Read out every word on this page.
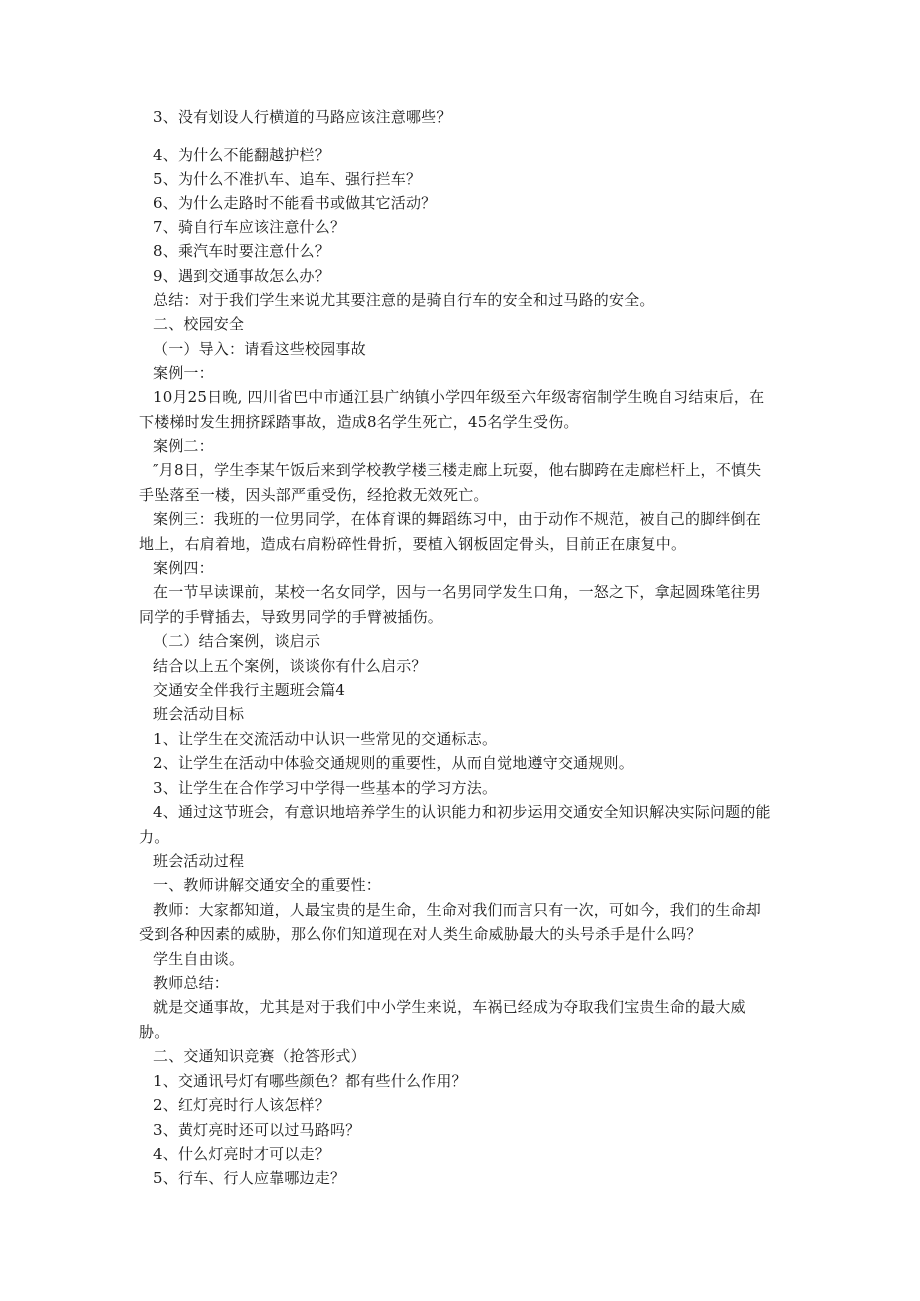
3、没有划设人行横道的马路应该注意哪些？
4、为什么不能翻越护栏？
5、为什么不准扒车、追车、强行拦车？
6、为什么走路时不能看书或做其它活动？
7、骑自行车应该注意什么？
8、乘汽车时要注意什么？
9、遇到交通事故怎么办？
总结：对于我们学生来说尤其要注意的是骑自行车的安全和过马路的安全。
二、校园安全
（一）导入：请看这些校园事故
案例一：
10月25日晚, 四川省巴中市通江县广纳镇小学四年级至六年级寄宿制学生晚自习结束后，在
下楼梯时发生拥挤踩踏事故，造成8名学生死亡，45名学生受伤。
案例二：
″月8日，学生李某午饭后来到学校教学楼三楼走廊上玩耍，他右脚跨在走廊栏杆上，不慎失
手坠落至一楼，因头部严重受伤，经抢救无效死亡。
案例三：我班的一位男同学，在体育课的舞蹈练习中，由于动作不规范，被自己的脚绊倒在
地上，右肩着地，造成右肩粉碎性骨折，要植入钢板固定骨头，目前正在康复中。
案例四：
在一节早读课前，某校一名女同学，因与一名男同学发生口角，一怒之下，拿起圆珠笔往男
同学的手臂插去，导致男同学的手臂被插伤。
（二）结合案例，谈启示
结合以上五个案例，谈谈你有什么启示？
交通安全伴我行主题班会篇4
班会活动目标
1、让学生在交流活动中认识一些常见的交通标志。
2、让学生在活动中体验交通规则的重要性，从而自觉地遵守交通规则。
3、让学生在合作学习中学得一些基本的学习方法。
4、通过这节班会，有意识地培养学生的认识能力和初步运用交通安全知识解决实际问题的能
力。
班会活动过程
一、教师讲解交通安全的重要性：
教师：大家都知道，人最宝贵的是生命，生命对我们而言只有一次，可如今，我们的生命却
受到各种因素的威胁，那么你们知道现在对人类生命威胁最大的头号杀手是什么吗？
学生自由谈。
教师总结：
就是交通事故，尤其是对于我们中小学生来说，车祸已经成为夺取我们宝贵生命的最大威
胁。
二、交通知识竞赛（抢答形式）
1、交通讯号灯有哪些颜色？都有些什么作用？
2、红灯亮时行人该怎样？
3、黄灯亮时还可以过马路吗？
4、什么灯亮时才可以走？
5、行车、行人应靠哪边走？
